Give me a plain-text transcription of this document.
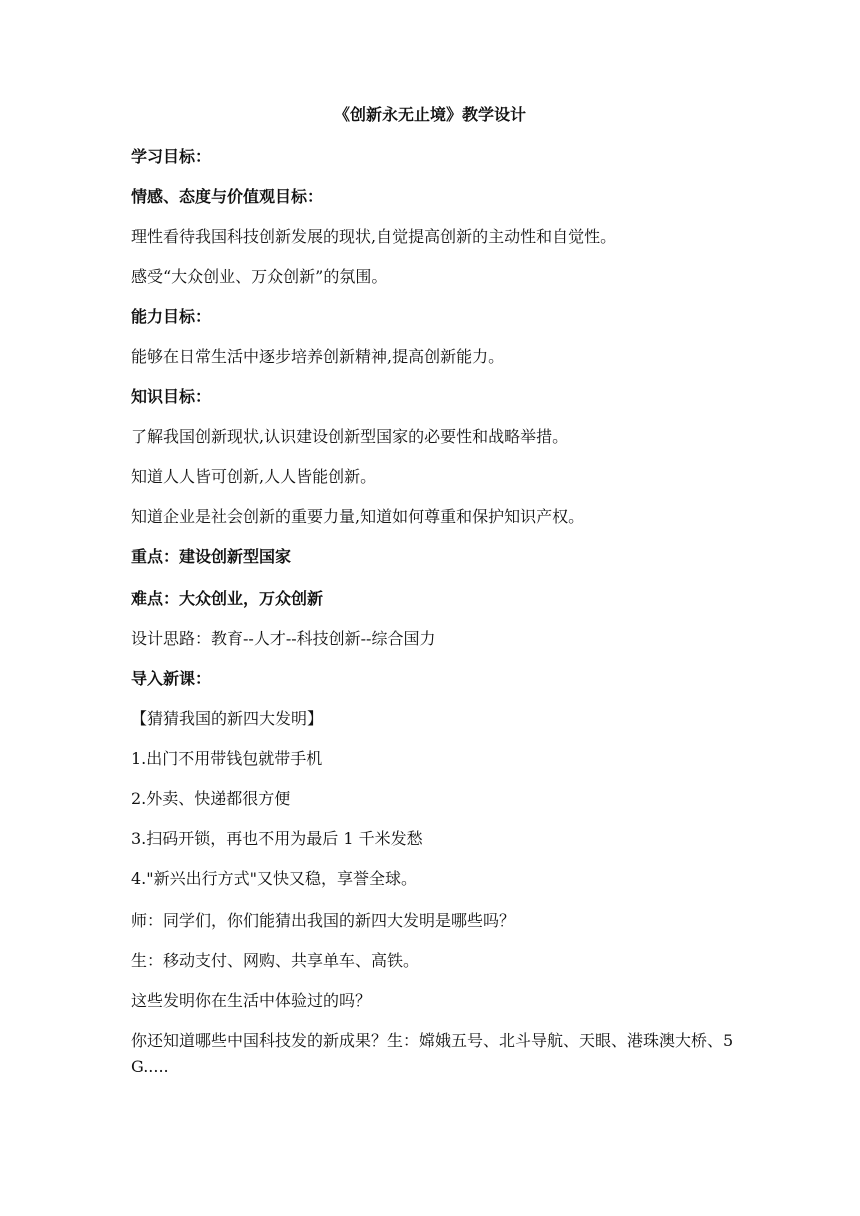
《创新永无止境》教学设计
学习目标：
情感、态度与价值观目标：
理性看待我国科技创新发展的现状,自觉提高创新的主动性和自觉性。
感受“大众创业、万众创新”的氛围。
能力目标：
能够在日常生活中逐步培养创新精神,提高创新能力。
知识目标：
了解我国创新现状,认识建设创新型国家的必要性和战略举措。
知道人人皆可创新,人人皆能创新。
知道企业是社会创新的重要力量,知道如何尊重和保护知识产权。
重点：建设创新型国家
难点：大众创业，万众创新
设计思路：教育--人才--科技创新--综合国力
导入新课：
【猜猜我国的新四大发明】
1.出门不用带钱包就带手机
2.外卖、快递都很方便
3.扫码开锁，再也不用为最后 1 千米发愁
4."新兴出行方式"又快又稳，享誉全球。
师：同学们，你们能猜出我国的新四大发明是哪些吗？
生：移动支付、网购、共享单车、高铁。
这些发明你在生活中体验过的吗？
你还知道哪些中国科技发的新成果？生：嫦娥五号、北斗导航、天眼、港珠澳大桥、5G.....
